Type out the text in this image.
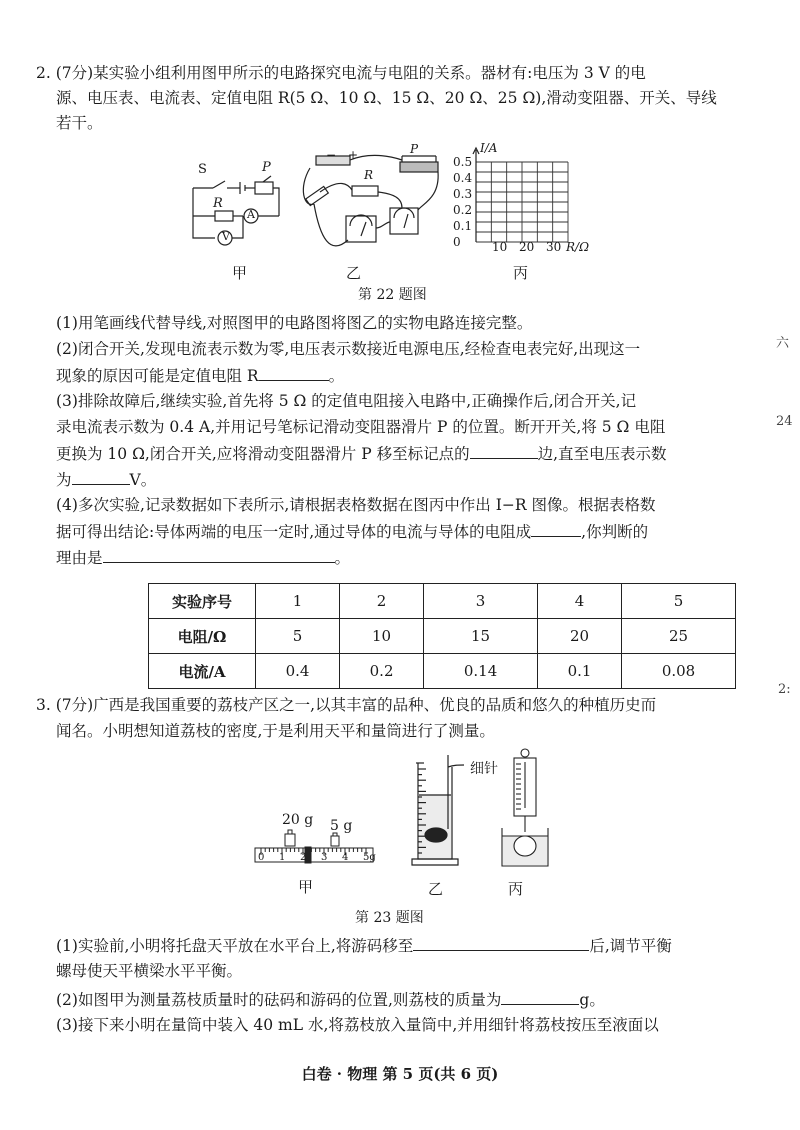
2. (7分)某实验小组利用图甲所示的电路探究电流与电阻的关系。器材有:电压为 3 V 的电
源、电压表、电流表、定值电阻 R(5 Ω、10 Ω、15 Ω、20 Ω、25 Ω),滑动变阻器、开关、导线
若干。
S	P
R
A
V
甲
− +	P
R
乙
I/A
0.5
0.4
0.3
0.2
0.1
0	10 20 30 R/Ω
丙
第 22 题图
(1)用笔画线代替导线,对照图甲的电路图将图乙的实物电路连接完整。
(2)闭合开关,发现电流表示数为零,电压表示数接近电源电压,经检查电表完好,出现这一
现象的原因可能是定值电阻 R	。
(3)排除故障后,继续实验,首先将 5 Ω 的定值电阻接入电路中,正确操作后,闭合开关,记
录电流表示数为 0.4 A,并用记号笔标记滑动变阻器滑片 P 的位置。断开开关,将 5 Ω 电阻
更换为 10 Ω,闭合开关,应将滑动变阻器滑片 P 移至标记点的	边,直至电压表示数
为	V。
(4)多次实验,记录数据如下表所示,请根据表格数据在图丙中作出 I−R 图像。根据表格数
据可得出结论:导体两端的电压一定时,通过导体的电流与导体的电阻成	,你判断的
理由是	。
实验序号	1	2	3	4	5
电阻/Ω	5	10	15	20	25
电流/A	0.4	0.2	0.14	0.1	0.08
3. (7分)广西是我国重要的荔枝产区之一,以其丰富的品种、优良的品质和悠久的种植历史而
闻名。小明想知道荔枝的密度,于是利用天平和量筒进行了测量。
20 g 5 g
0 1 2 3 4 5g
甲
细针
乙	丙
第 23 题图
(1)实验前,小明将托盘天平放在水平台上,将游码移至	后,调节平衡
螺母使天平横梁水平平衡。
(2)如图甲为测量荔枝质量时的砝码和游码的位置,则荔枝的质量为	g。
(3)接下来小明在量筒中装入 40 mL 水,将荔枝放入量筒中,并用细针将荔枝按压至液面以
六
24
2:
白卷 · 物理 第 5 页(共 6 页)
